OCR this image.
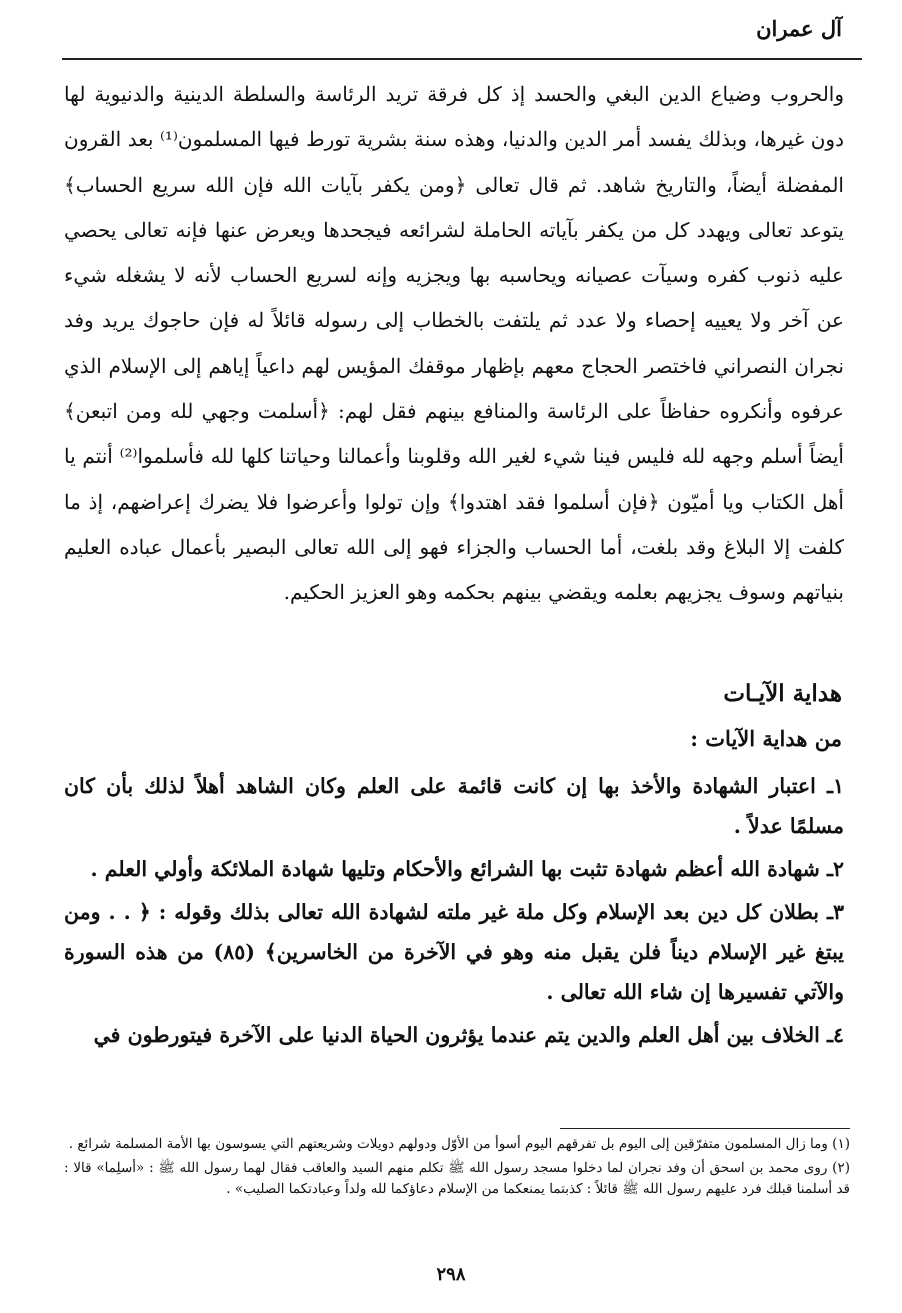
آل عمران

والحروب وضياع الدين البغي والحسد إذ كل فرقة تريد الرئاسة والسلطة الدينية والدنيوية لها دون غيرها، وبذلك يفسد أمر الدين والدنيا، وهذه سنة بشرية تورط فيها المسلمون⁽¹⁾ بعد القرون المفضلة أيضاً، والتاريخ شاهد. ثم قال تعالى ﴿ومن يكفر بآيات الله فإن الله سريع الحساب﴾ يتوعد تعالى ويهدد كل من يكفر بآياته الحاملة لشرائعه فيجحدها ويعرض عنها فإنه تعالى يحصي عليه ذنوب كفره وسيآت عصيانه ويحاسبه بها ويجزيه وإنه لسريع الحساب لأنه لا يشغله شيء عن آخر ولا يعييه إحصاء ولا عدد ثم يلتفت بالخطاب إلى رسوله قائلاً له فإن حاجوك يريد وفد نجران النصراني فاختصر الحجاج معهم بإظهار موقفك المؤيس لهم داعياً إياهم إلى الإسلام الذي عرفوه وأنكروه حفاظاً على الرئاسة والمنافع بينهم فقل لهم: ﴿أسلمت وجهي لله ومن اتبعن﴾ أيضاً أسلم وجهه لله فليس فينا شيء لغير الله وقلوبنا وأعمالنا وحياتنا كلها لله فأسلموا⁽²⁾ أنتم يا أهل الكتاب ويا أميّون ﴿فإن أسلموا فقد اهتدوا﴾ وإن تولوا وأعرضوا فلا يضرك إعراضهم، إذ ما كلفت إلا البلاغ وقد بلغت، أما الحساب والجزاء فهو إلى الله تعالى البصير بأعمال عباده العليم بنياتهم وسوف يجزيهم بعلمه ويقضي بينهم بحكمه وهو العزيز الحكيم.

هداية الآيـات
من هداية الآيات :
١ـ اعتبار الشهادة والأخذ بها إن كانت قائمة على العلم وكان الشاهد أهلاً لذلك بأن كان مسلمًا عدلاً .
٢ـ شهادة الله أعظم شهادة تثبت بها الشرائع والأحكام وتليها شهادة الملائكة وأولي العلم .
٣ـ بطلان كل دين بعد الإسلام وكل ملة غير ملته لشهادة الله تعالى بذلك وقوله : ﴿ . . ومن يبتغ غير الإسلام ديناً فلن يقبل منه وهو في الآخرة من الخاسرين﴾ (٨٥) من هذه السورة والآتي تفسيرها إن شاء الله تعالى .
٤ـ الخلاف بين أهل العلم والدين يتم عندما يؤثرون الحياة الدنيا على الآخرة فيتورطون في

(١) وما زال المسلمون متفرّقين إلى اليوم بل تفرقهم اليوم أسوأ من الأوّل ودولهم دويلات وشريعتهم التي يسوسون بها الأمة المسلمة شرائع .

(٢) روى محمد بن اسحق أن وفد نجران لما دخلوا مسجد رسول الله ﷺ تكلم منهم السيد والعاقب فقال لهما رسول الله ﷺ : «أسلِما» قالا : قد أسلمنا قبلك فرد عليهم رسول الله ﷺ قائلاً : كذبتما يمنعكما من الإسلام دعاؤكما لله ولداً وعبادتكما الصليب» .

٢٩٨
